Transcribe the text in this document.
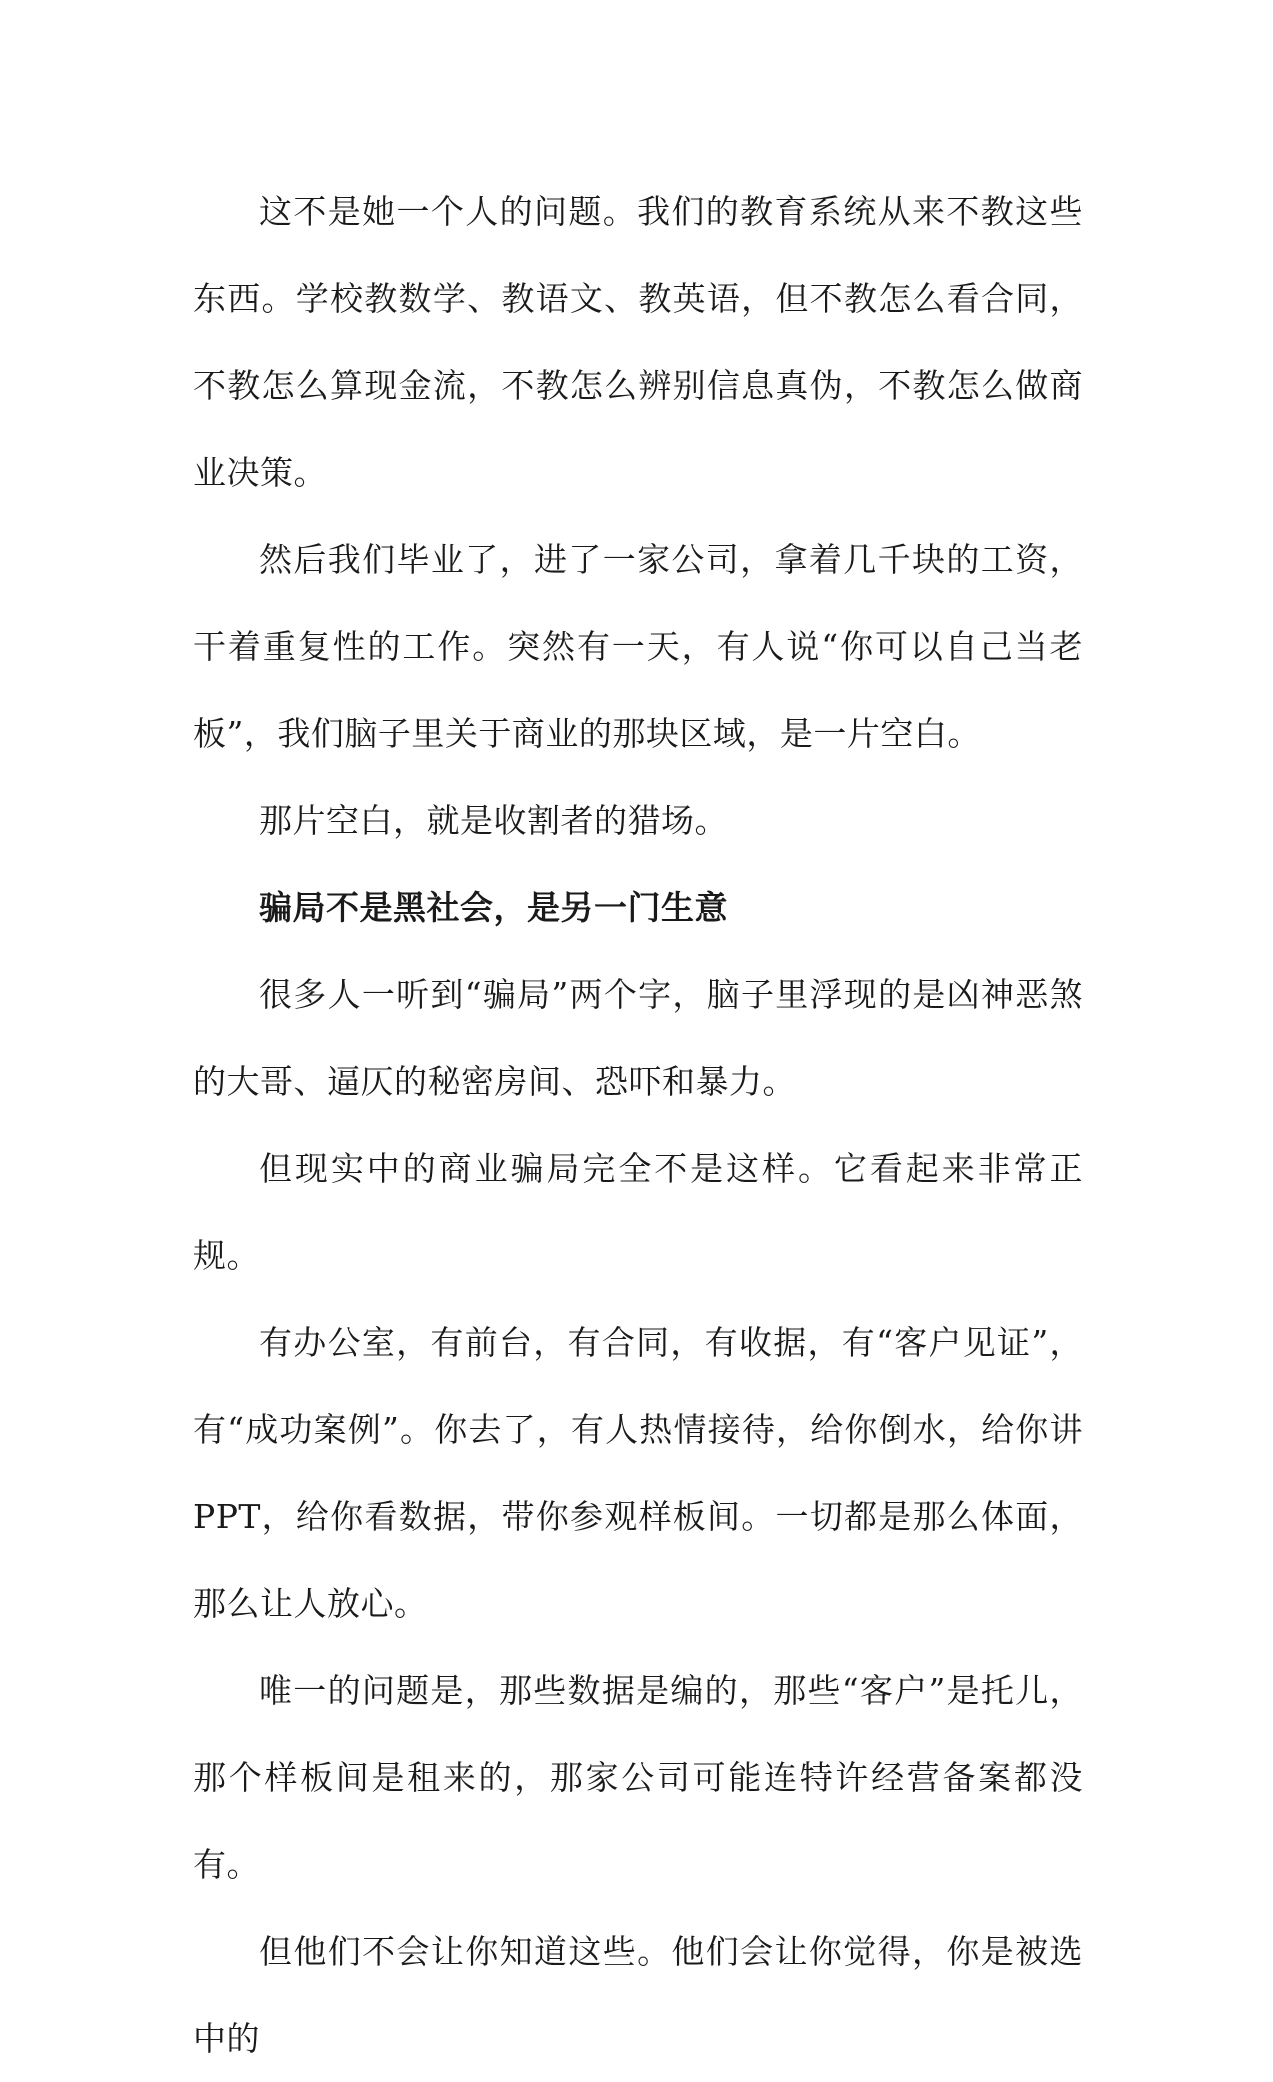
这不是她一个人的问题。我们的教育系统从来不教这些东西。学校教数学、教语文、教英语，但不教怎么看合同，不教怎么算现金流，不教怎么辨别信息真伪，不教怎么做商业决策。

然后我们毕业了，进了一家公司，拿着几千块的工资，干着重复性的工作。突然有一天，有人说“你可以自己当老板”，我们脑子里关于商业的那块区域，是一片空白。

那片空白，就是收割者的猎场。

骗局不是黑社会，是另一门生意

很多人一听到“骗局”两个字，脑子里浮现的是凶神恶煞的大哥、逼仄的秘密房间、恐吓和暴力。

但现实中的商业骗局完全不是这样。它看起来非常正规。

有办公室，有前台，有合同，有收据，有“客户见证”，有“成功案例”。你去了，有人热情接待，给你倒水，给你讲 PPT，给你看数据，带你参观样板间。一切都是那么体面，那么让人放心。

唯一的问题是，那些数据是编的，那些“客户”是托儿，那个样板间是租来的，那家公司可能连特许经营备案都没有。

但他们不会让你知道这些。他们会让你觉得，你是被选中的
